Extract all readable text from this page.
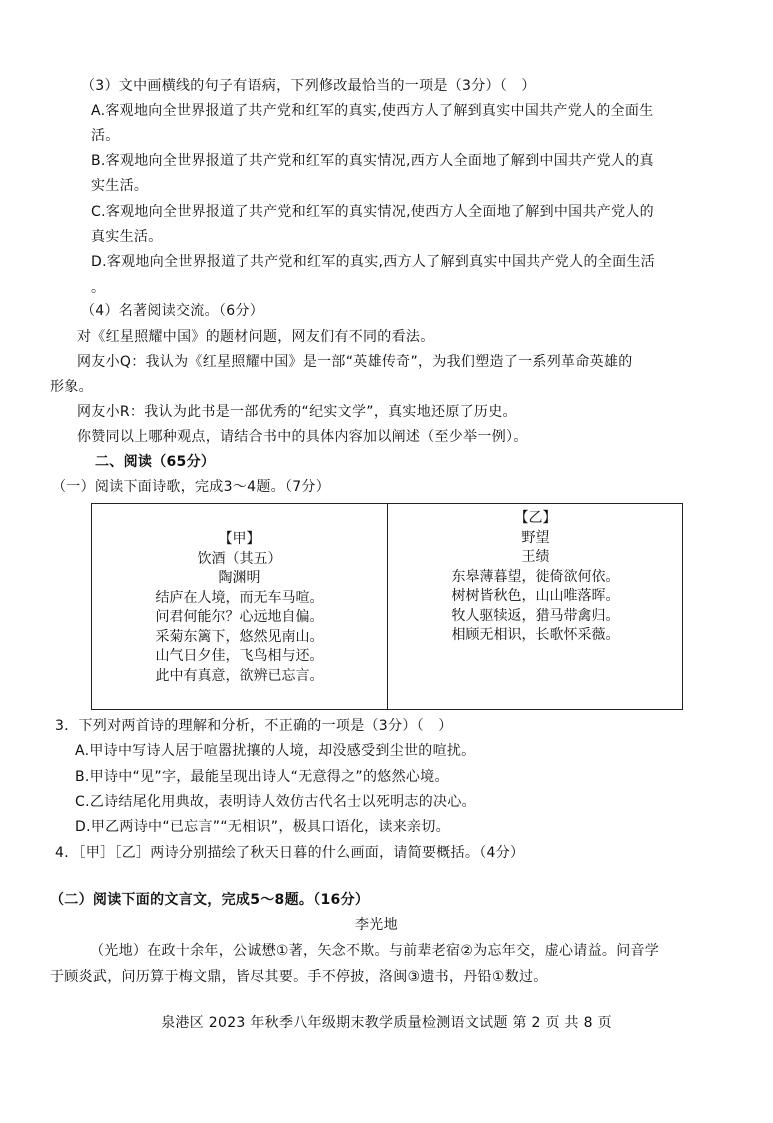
（3）文中画横线的句子有语病，下列修改最恰当的一项是（3分）（　）
A.客观地向全世界报道了共产党和红军的真实,使西方人了解到真实中国共产党人的全面生
活。
B.客观地向全世界报道了共产党和红军的真实情况,西方人全面地了解到中国共产党人的真
实生活。
C.客观地向全世界报道了共产党和红军的真实情况,使西方人全面地了解到中国共产党人的
真实生活。
D.客观地向全世界报道了共产党和红军的真实,西方人了解到真实中国共产党人的全面生活
。
（4）名著阅读交流。（6分）
对《红星照耀中国》的题材问题，网友们有不同的看法。
网友小Q：我认为《红星照耀中国》是一部“英雄传奇”，为我们塑造了一系列革命英雄的
形象。
网友小R：我认为此书是一部优秀的“纪实文学”，真实地还原了历史。
你赞同以上哪种观点，请结合书中的具体内容加以阐述（至少举一例）。
二、阅读（65分）
（一）阅读下面诗歌，完成3～4题。（7分）
【甲】
饮酒（其五）
陶渊明
结庐在人境，而无车马喧。
问君何能尔？心远地自偏。
采菊东篱下，悠然见南山。
山气日夕佳，飞鸟相与还。
此中有真意，欲辨已忘言。
【乙】
野望
王绩
东皋薄暮望，徙倚欲何依。
树树皆秋色，山山唯落晖。
牧人驱犊返，猎马带禽归。
相顾无相识，长歌怀采薇。
3．下列对两首诗的理解和分析，不正确的一项是（3分）（　）
A.甲诗中写诗人居于喧嚣扰攘的人境，却没感受到尘世的喧扰。
B.甲诗中“见”字，最能呈现出诗人“无意得之”的悠然心境。
C.乙诗结尾化用典故，表明诗人效仿古代名士以死明志的决心。
D.甲乙两诗中“已忘言”“无相识”，极具口语化，读来亲切。
4．［甲］［乙］两诗分别描绘了秋天日暮的什么画面，请简要概括。（4分）
（二）阅读下面的文言文，完成5～8题。（16分）
李光地
（光地）在政十余年，公诚懋①著，矢念不欺。与前辈老宿②为忘年交，虚心请益。问音学
于顾炎武，问历算于梅文鼎，皆尽其要。手不停披，洛闽③遗书，丹铅①数过。
泉港区 2023 年秋季八年级期末教学质量检测语文试题 第 2 页 共 8 页
